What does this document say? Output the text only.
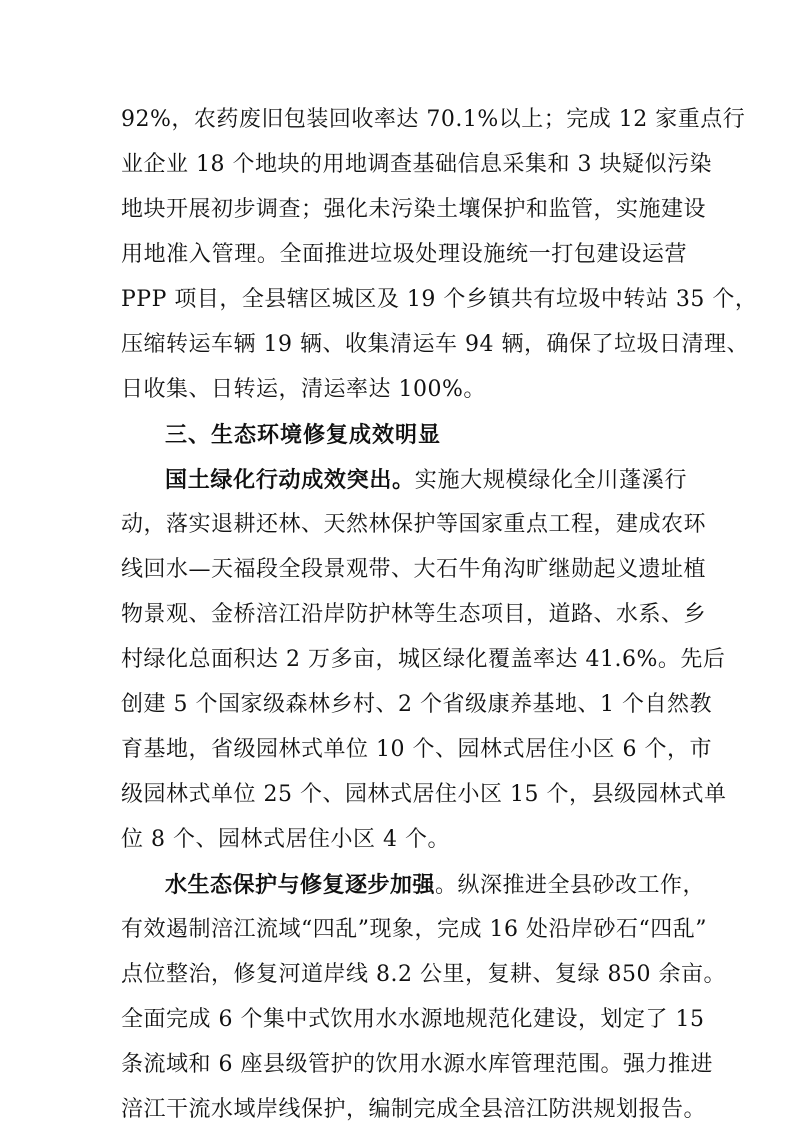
92%，农药废旧包装回收率达 70.1%以上；完成 12 家重点行
业企业 18 个地块的用地调查基础信息采集和 3 块疑似污染
地块开展初步调查；强化未污染土壤保护和监管，实施建设
用地准入管理。全面推进垃圾处理设施统一打包建设运营
PPP 项目，全县辖区城区及 19 个乡镇共有垃圾中转站 35 个，
压缩转运车辆 19 辆、收集清运车 94 辆，确保了垃圾日清理、
日收集、日转运，清运率达 100%。
三、生态环境修复成效明显
国土绿化行动成效突出。实施大规模绿化全川蓬溪行
动，落实退耕还林、天然林保护等国家重点工程，建成农环
线回水—天福段全段景观带、大石牛角沟旷继勋起义遗址植
物景观、金桥涪江沿岸防护林等生态项目，道路、水系、乡
村绿化总面积达 2 万多亩，城区绿化覆盖率达 41.6%。先后
创建 5 个国家级森林乡村、2 个省级康养基地、1 个自然教
育基地，省级园林式单位 10 个、园林式居住小区 6 个，市
级园林式单位 25 个、园林式居住小区 15 个，县级园林式单
位 8 个、园林式居住小区 4 个。
水生态保护与修复逐步加强。纵深推进全县砂改工作，
有效遏制涪江流域“四乱”现象，完成 16 处沿岸砂石“四乱”
点位整治，修复河道岸线 8.2 公里，复耕、复绿 850 余亩。
全面完成 6 个集中式饮用水水源地规范化建设，划定了 15
条流域和 6 座县级管护的饮用水源水库管理范围。强力推进
涪江干流水域岸线保护，编制完成全县涪江防洪规划报告。
